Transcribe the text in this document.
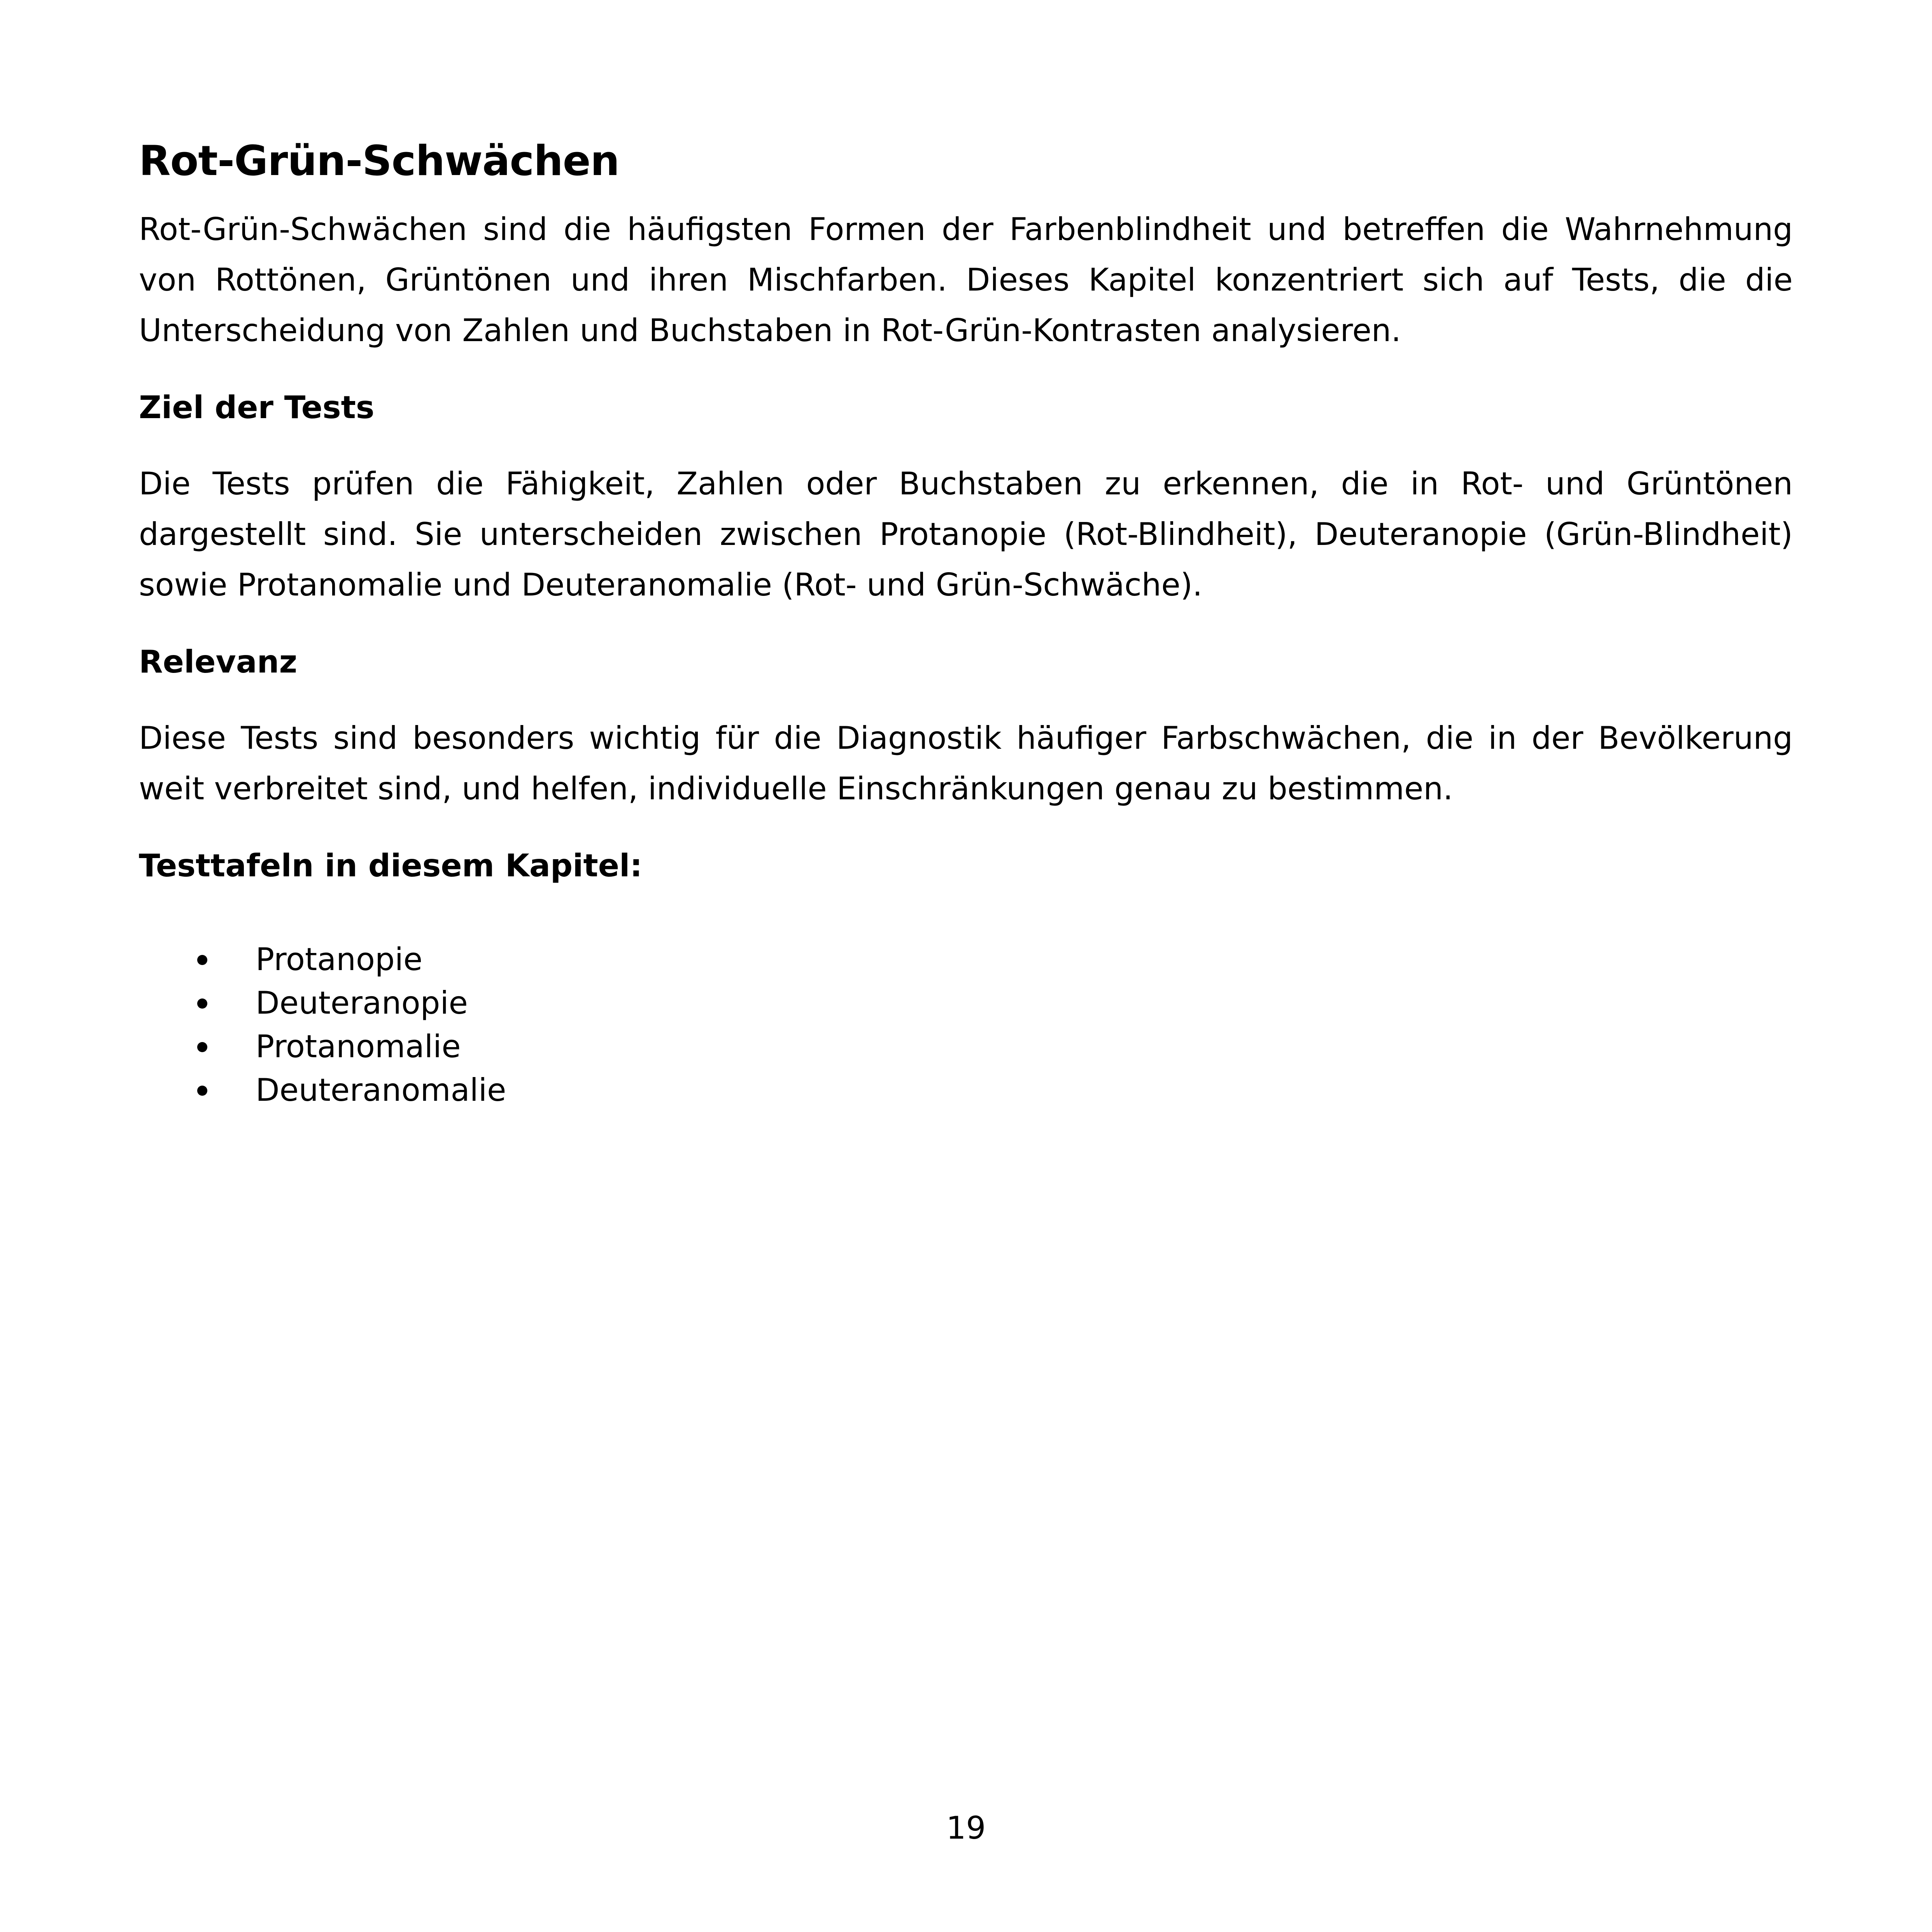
Rot-Grün-Schwächen

Rot-Grün-Schwächen sind die häufigsten Formen der Farbenblindheit und betreffen die Wahrnehmung von Rottönen, Grüntönen und ihren Mischfarben. Dieses Kapitel konzentriert sich auf Tests, die die Unterscheidung von Zahlen und Buchstaben in Rot-Grün-Kontrasten analysieren.

Ziel der Tests

Die Tests prüfen die Fähigkeit, Zahlen oder Buchstaben zu erkennen, die in Rot- und Grüntönen dargestellt sind. Sie unterscheiden zwischen Protanopie (Rot-Blindheit), Deuteranopie (Grün-Blindheit) sowie Protanomalie und Deuteranomalie (Rot- und Grün-Schwäche).

Relevanz

Diese Tests sind besonders wichtig für die Diagnostik häufiger Farbschwächen, die in der Bevölkerung weit verbreitet sind, und helfen, individuelle Einschränkungen genau zu bestimmen.

Testtafeln in diesem Kapitel:
Protanopie
Deuteranopie
Protanomalie
Deuteranomalie
19
